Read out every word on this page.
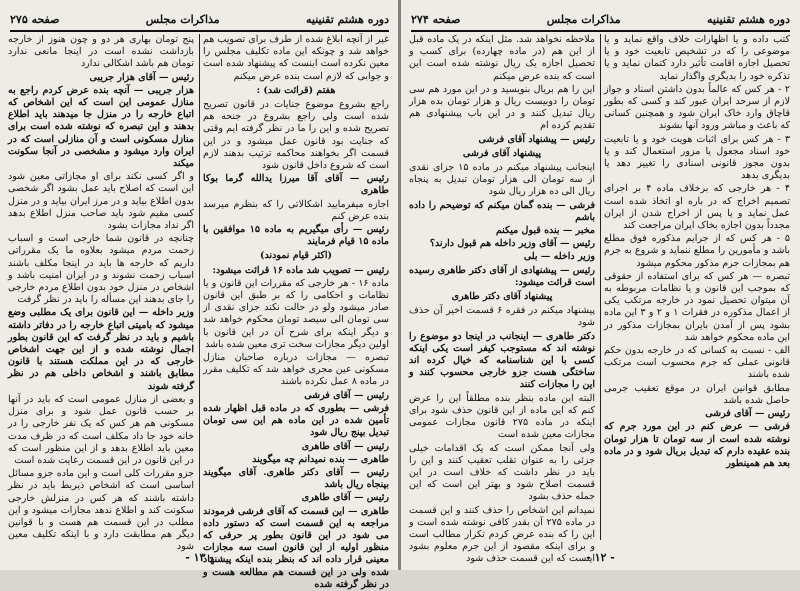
صفحه ۲۷۵	مذاکرات مجلس	دوره هشتم تقنینیه

غیر از آنچه ابلاغ شده از طرف برای تصویب هم خواهد شد و چونکه این ماده تکلیف مجلس را معین نکرده است اینست که پیشنهاد شده است و جوابی که لازم است بنده عرض میکنم

هفتم (قرائت شد) :

راجع بشروع موضوع جنایات در قانون تصریح شده است ولی راجع بشروع در جنحه هم تصریح شده و این را ما در نظر گرفته ایم وقتی که جنایت بود قانون عمل میشود و در این قسمت اگر بخواهند محاکمه ترتیب بدهند لازم است که شروع داخل قانون شود

رئیس — آقای آقا میرزا یدالله گرما بوکا طاهری

اجازه میفرمایید اشکالاتی را که بنظرم میرسد بنده عرض کنم

رئیس — رأی میگیریم به ماده ۱۵ موافقین با ماده ۱۵ قیام فرمایند

(اکثر قیام نمودند)

رئیس — تصویب شد ماده ۱۶ قرائت میشود:

ماده ۱۶ - هر خارجی که مقررات این قانون و یا نظامات و احکامی را که بر طبق این قانون صادر میشود ولو در حالت نکند جزای نقدی از سی تومان الی سیصد تومان محکوم خواهد شد و دیگر اینکه برای شرح آن در این قانون با اولین دیگر مجازات سخت تری معین شده باشد

تبصره — مجازات درباره صاحبان منازل مسکونی عین مجری خواهد شد که تکلیف مقرر در ماده ۸ عمل نکرده باشند

رئیس — آقای فرشی

فرشی — بطوری که در ماده قبل اظهار شده تأمین شده در این ماده هم این سی تومان تبدیل بپنج ریال شود

رئیس — آقای طاهری

طاهری — بنده نمیدانم چه میگویند

رئیس — آقای دکتر طاهری. آقای میگویند بپنجاه ریال باشد

رئیس — آقای طاهری

طاهری — این قسمت که آقای فرشی فرمودند مراجعه به این قسمت است که دستور داده می شود در این قانون بطور پر حرفی که منظور اولیه از این قانون است سه مجازات معینی قرار داده اند که بنظر بنده اینکه پیشنهاد شده ولی در این قسمت هم مطالعه هست و در نظر گرفته شده

پنج تومان بهاری هر دو و چون هنوز از خارجه بازداشت نشده است در اینجا مانعی ندارد تومان هم باشد اشکالی ندارد

رئیس — آقای هزار جریبی

هزار جریبی — آنچه بنده عرض کردم راجع به منازل عمومی این است که این اشخاص که اتباع خارجه را در منزل جا میدهند باید اطلاع بدهند و این تبصره که نوشته شده است برای منازل مسکونی است و آن منازلی است که در ایران وارد میشود و مشخصی در آنجا سکونت میکند

و اگر کسی نکند برای او مجازاتی معین شود این است که اصلاح باید عمل بشود اگر شخصی بدون اطلاع بیاید و در مرز ایران بیاید و در منزل کسی مقیم شود باید صاحب منزل اطلاع بدهد اگر نداد مجازات بشود

چنانچه در قانون شما خارجی است و اسباب زحمت مردم میشود بعلاوه ما یک مقرراتی داریم که خارجه ها باید در اینجا مکلف باشند اسباب زحمت نشوند و در ایران امنیت باشد و اشخاص در منزل خود بدون اطلاع مردم خارجی را جای بدهند این مسأله را باید در نظر گرفت

وزیر داخله — این قانون برای یک مطلبی وضع میشود که بامیتی اتباع خارجه را در دفاتر داشته باشیم و باید در نظر گرفت که این قانون بطور اجمال نوشته شده و از این جهت اشخاص خارجی که در این مملکت هستند با قانون مطابق باشند و اشخاص داخلی هم در نظر گرفته شوند

و بعضی از منازل عمومی است که باید در آنها بر حسب قانون عمل شود و برای منزل مسکونی هم هر کس که یک نفر خارجی را در خانه خود جا داد مکلف است که در ظرف مدت معین باید اطلاع بدهد و از این منظور است که در این قانون در این قسمت رعایت شده است

جزو مقررات کلی است و این ماده جزو مسائل اساسی است که اشخاص ذیربط باید در نظر داشته باشند که هر کس در منزلش خارجی سکونت کند و اطلاع ندهد مجازات میشود و این مطلب در این قسمت هم هست و با قوانین دیگر هم مطابقت دارد و با اینکه تکلیف معین شود

- ۱۳ -
صفحه ۲۷۴	مذاکرات مجلس	دوره هشتم تقنینیه

کتب داده و یا اظهارات خلاف واقع نماید و یا موضوعی را که در تشخیص تابعیت خود و یا تحصیل اجازه اقامت تأثیر دارد کتمان نماید و یا تذکره خود را بدیگری واگذار نماید

۲ - هر کس که عالماً بدون داشتن اسناد و جواز لازم از سرحد ایران عبور کند و کسی که بطور قاچاق وارد خاک ایران شود و همچنین کسانی که باعث و مباشر ورود آنها بشوند

۳ - هر کس برای اثبات هویت خود و یا تابعیت خود اسناد مجعول یا مزور استعمال کند و یا بدون مجوز قانونی اسنادی را تغییر دهد یا بدیگری بدهد

۴ - هر خارجی که برخلاف ماده ۴ بر اجرای تصمیم اخراج که در باره او اتخاذ شده است عمل نماید و یا پس از اخراج شدن از ایران مجدداً بدون اجازه بخاک ایران مراجعت کند

۵ - هر کس که از جرایم مذکوره فوق مطلع باشد و مأمورین را مطلع ننماید و شروع به جرم هم بمجازات جرم مذکور محکوم میشود

تبصره — هر کس که برای استفاده از حقوقی که بموجب این قانون و یا نظامات مربوطه به آن میتوان تحصیل نمود در خارجه مرتکب یکی از اعمال مذکوره در فقرات ۱ و ۲ و ۳ این ماده بشود پس از آمدن بایران بمجازات مذکور در این ماده محکوم خواهد شد

الف - نسبت به کسانی که در خارجه بدون حکم قانونی عملی که جرم محسوب است مرتکب شده باشند

مطابق قوانین ایران در موقع تعقیب جرمی حاصل شده باشد

رئیس — آقای فرشی

فرشی — عرض کنم در این مورد جرم که نوشته شده است از سه تومان تا هزار تومان بنده عقیده دارم که تبدیل بریال شود و در ماده بعد هم همینطور

ملاحظه نخواهد شد. مثل اینکه در یک ماده قبل از این هم (در ماده چهارده) برای کسب و تحصیل اجازه یک ریال نوشته شده است این است که بنده عرض میکنم

این را هم بریال بنویسید و در این مورد هم سی تومان را دوبیست ریال و هزار تومان بده هزار ریال تبدیل کنند و در این باب پیشنهادی هم تقدیم کرده ام

رئیس — پیشنهاد آقای فرشی

پیشنهاد آقای فرشی

اینجانب پیشنهاد میکنم در ماده ۱۵ جزای نقدی از سه تومان الی هزار تومان تبدیل به پنجاه ریال الی ده هزار ریال شود

فرشی — بنده گمان میکنم که توضیحم را داده باشم

مخبر — بنده قبول میکنم

رئیس — آقای وزیر داخله هم قبول دارند؟

وزیر داخله — بلی

رئیس — پیشنهادی از آقای دکتر طاهری رسیده است قرائت میشود:

پیشنهاد آقای دکتر طاهری

پیشنهاد میکنم در فقره ۶ قسمت اخیر آن حذف شود

دکتر طاهری — اینجانب در اینجا دو موضوع را نوشته اند که مستوجب کیفر است یکی اینکه کسی با این شناسنامه که خیال کرده اند ساختگی هست جزو خارجی محسوب کنند و این را مجازات کنند

البته این ماده بنظر بنده مطلقاً این را عرض کنم که این ماده از این قانون حذف شود برای اینکه در ماده ۲۷۵ قانون مجازات عمومی مجازات معین شده است

ولی آنجا ممکن است که یک اقدامات خیلی جزئی را به عنوان تقلب تعقیب کنند و این را باید در نظر داشت که خلاف است در این قسمت اصلاح شود و بهتر این است که این جمله حذف بشود

نمیدانم این اشخاص را حذف کنند و این قسمت در ماده ۲۷۵ آن بقدر کافی نوشته شده است و این را که بنده عرض کردم تکرار مطالب است و برای اینکه مقصود از این جرم معلوم بشود اینست که این قسمت حذف شود

- ۱۲ -
